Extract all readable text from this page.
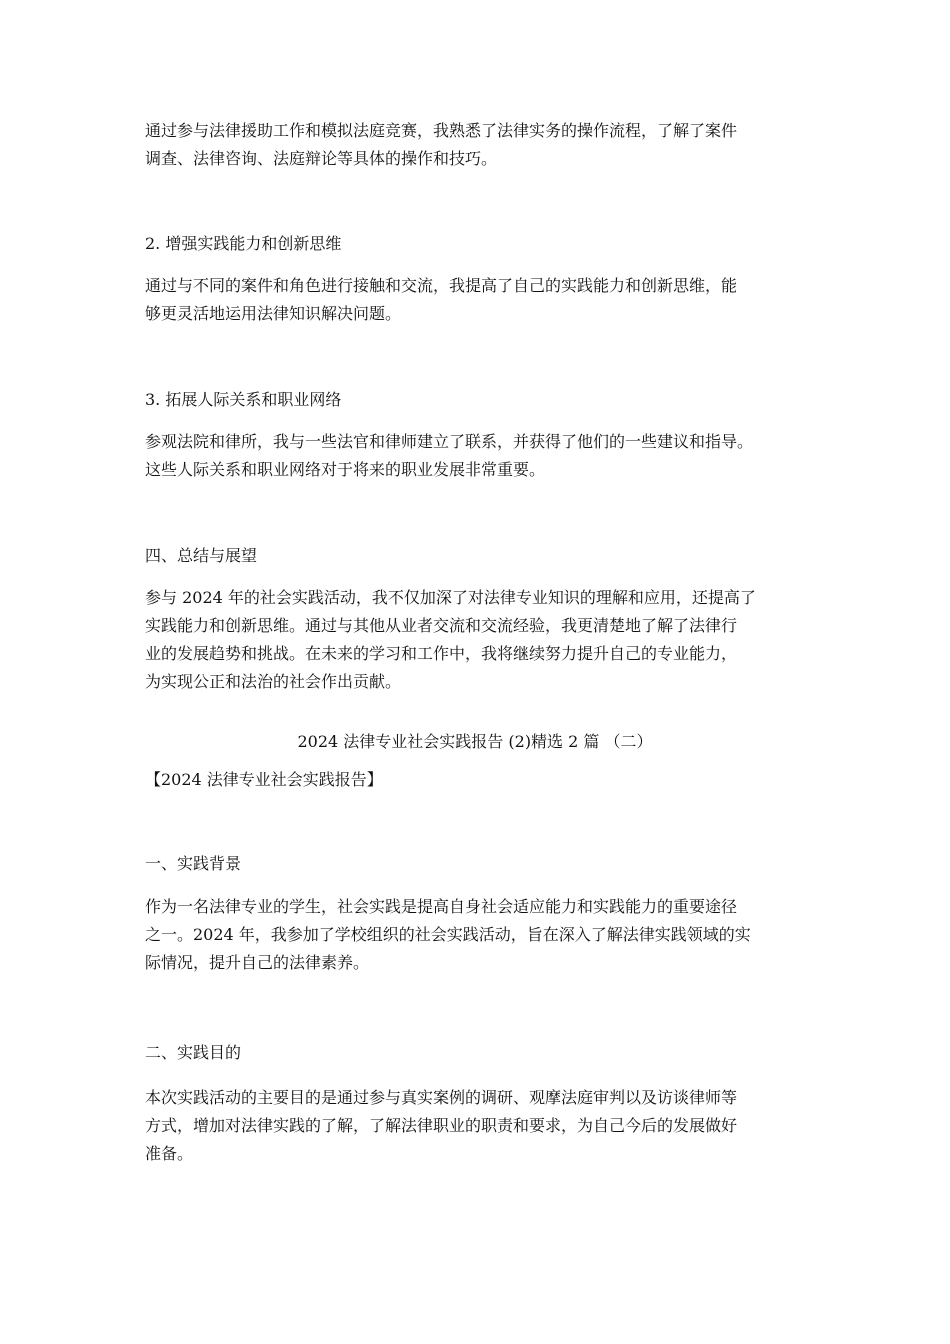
通过参与法律援助工作和模拟法庭竞赛，我熟悉了法律实务的操作流程，了解了案件
调查、法律咨询、法庭辩论等具体的操作和技巧。
2. 增强实践能力和创新思维
通过与不同的案件和角色进行接触和交流，我提高了自己的实践能力和创新思维，能
够更灵活地运用法律知识解决问题。
3. 拓展人际关系和职业网络
参观法院和律所，我与一些法官和律师建立了联系，并获得了他们的一些建议和指导。
这些人际关系和职业网络对于将来的职业发展非常重要。
四、总结与展望
参与 2024 年的社会实践活动，我不仅加深了对法律专业知识的理解和应用，还提高了
实践能力和创新思维。通过与其他从业者交流和交流经验，我更清楚地了解了法律行
业的发展趋势和挑战。在未来的学习和工作中，我将继续努力提升自己的专业能力，
为实现公正和法治的社会作出贡献。
2024 法律专业社会实践报告 (2)精选 2 篇 （二）
【2024 法律专业社会实践报告】
一、实践背景
作为一名法律专业的学生，社会实践是提高自身社会适应能力和实践能力的重要途径
之一。2024 年，我参加了学校组织的社会实践活动，旨在深入了解法律实践领域的实
际情况，提升自己的法律素养。
二、实践目的
本次实践活动的主要目的是通过参与真实案例的调研、观摩法庭审判以及访谈律师等
方式，增加对法律实践的了解，了解法律职业的职责和要求，为自己今后的发展做好
准备。
